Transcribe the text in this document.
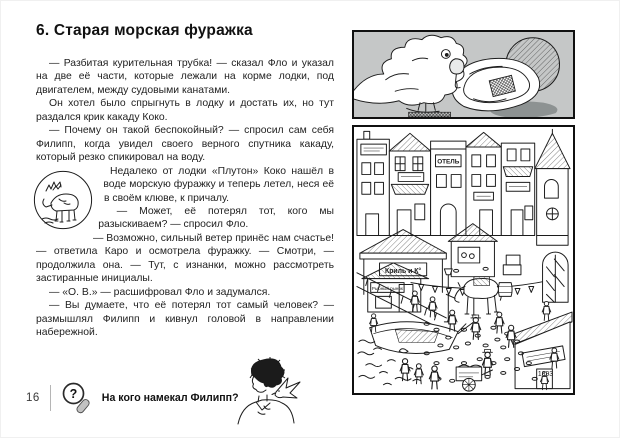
6. Старая морская фуражка

— Разбитая курительная трубка! — сказал Фло и указал на две её части, которые лежали на корме лодки, под двигателем, между судовыми канатами.

Он хотел было спрыгнуть в лодку и достать их, но тут раздался крик какаду Коко.

— Почему он такой беспокойный? — спросил сам себя Филипп, когда увидел своего верного спутника какаду, который резко спикировал на воду.

Недалеко от лодки «Плутон» Коко нашёл в воде морскую фуражку и теперь летел, неся её в своём клюве, к причалу.

— Может, её потерял тот, кого мы разыскиваем? — спросил Фло.

— Возможно, сильный ветер принёс нам счастье! — ответила Каро и осмотрела фуражку. — Смотри, — продолжила она. — Тут, с изнанки, можно рассмотреть застиранные инициалы.

— «О. В.» — расшифровал Фло и задумался.

— Вы думаете, что её потерял тот самый человек? — размышлял Филипп и кивнул головой в направлении набережной.

Криль и К°
ОТЕЛЬ
Рыбный рынок
1893
16 ? На кого намекал Филипп?
